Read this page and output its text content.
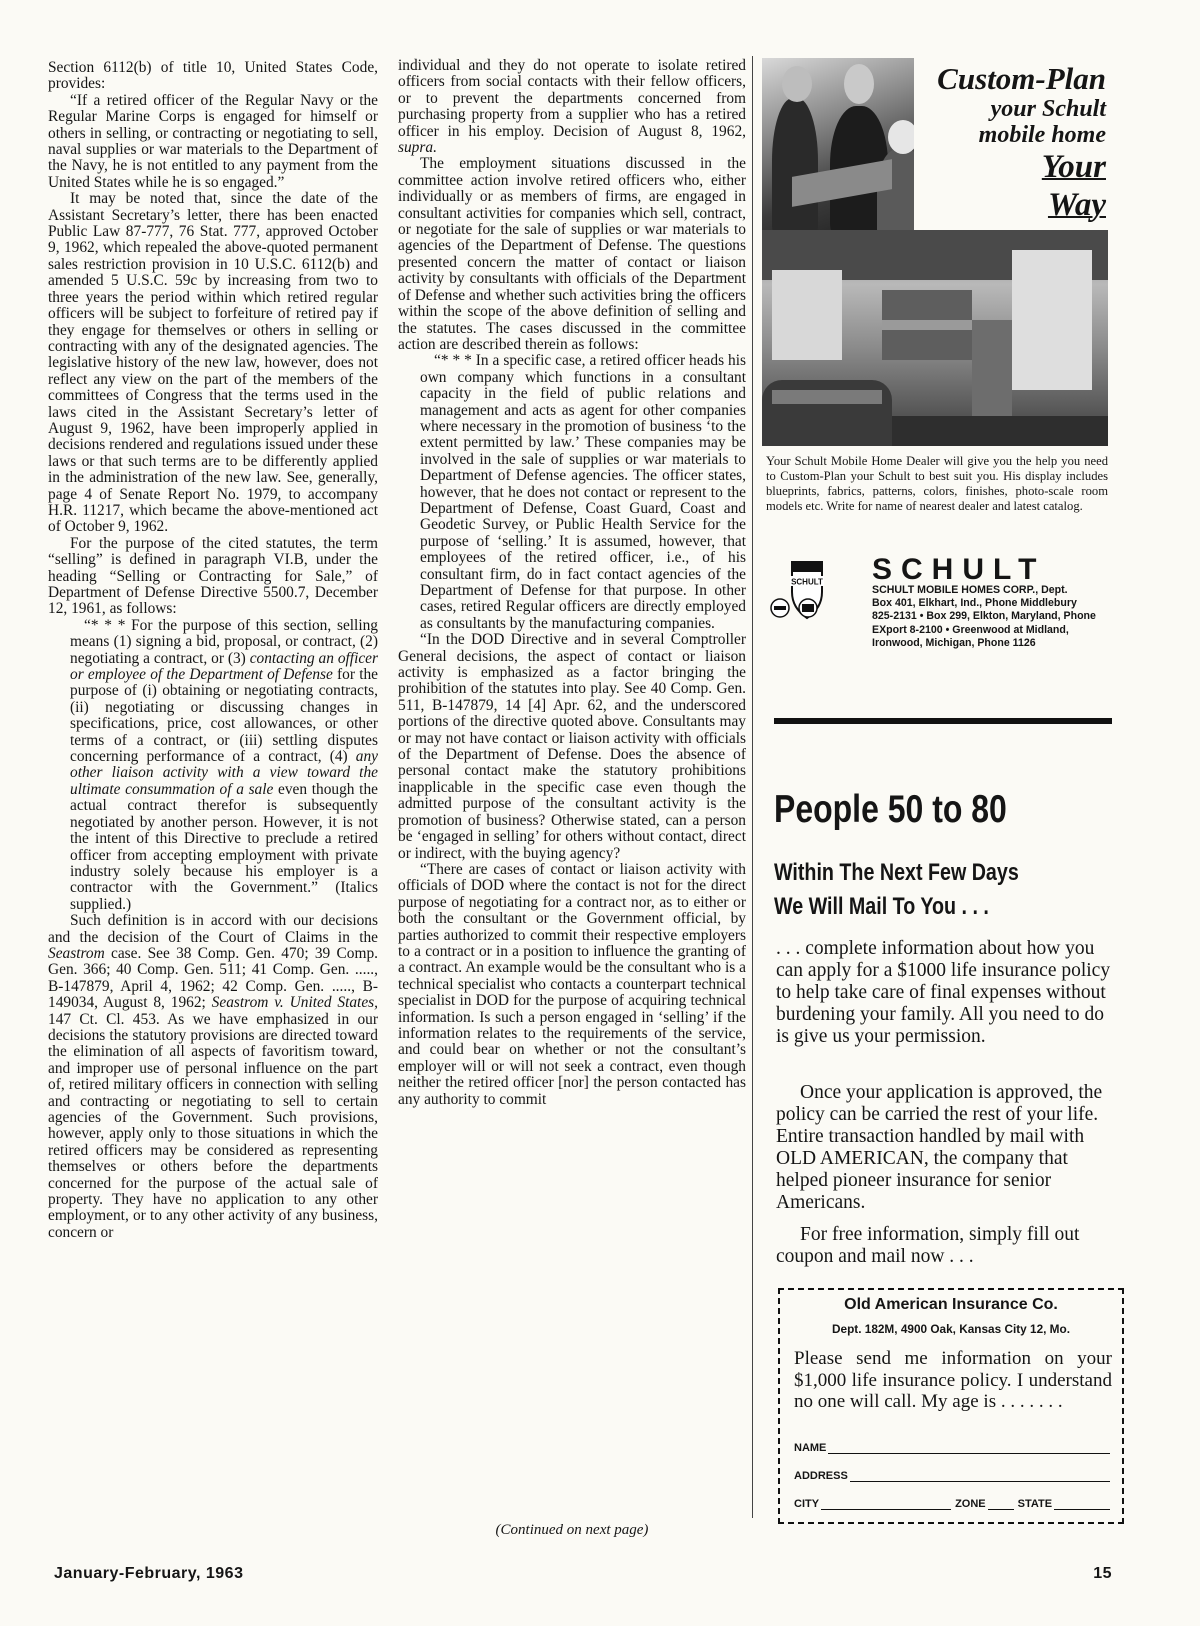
Section 6112(b) of title 10, United States Code, provides:

“If a retired officer of the Regular Navy or the Regular Marine Corps is engaged for himself or others in selling, or contracting or negotiating to sell, naval supplies or war materials to the Department of the Navy, he is not entitled to any payment from the United States while he is so engaged.”

It may be noted that, since the date of the Assistant Secretary’s letter, there has been enacted Public Law 87-777, 76 Stat. 777, approved October 9, 1962, which repealed the above-quoted permanent sales restriction provision in 10 U.S.C. 6112(b) and amended 5 U.S.C. 59c by increasing from two to three years the period within which retired regular officers will be subject to forfeiture of retired pay if they engage for themselves or others in selling or contracting with any of the designated agencies. The legislative history of the new law, however, does not reflect any view on the part of the members of the committees of Congress that the terms used in the laws cited in the Assistant Secretary’s letter of August 9, 1962, have been improperly applied in decisions rendered and regulations issued under these laws or that such terms are to be differently applied in the administration of the new law. See, generally, page 4 of Senate Report No. 1979, to accompany H.R. 11217, which became the above-mentioned act of October 9, 1962.

For the purpose of the cited statutes, the term “selling” is defined in paragraph VI.B, under the heading “Selling or Contracting for Sale,” of Department of Defense Directive 5500.7, December 12, 1961, as follows:

“* * * For the purpose of this section, selling means (1) signing a bid, proposal, or contract, (2) negotiating a contract, or (3) contacting an officer or employee of the Department of Defense for the purpose of (i) obtaining or negotiating contracts, (ii) negotiating or discussing changes in specifications, price, cost allowances, or other terms of a contract, or (iii) settling disputes concerning performance of a contract, (4) any other liaison activity with a view toward the ultimate consummation of a sale even though the actual contract therefor is subsequently negotiated by another person. However, it is not the intent of this Directive to preclude a retired officer from accepting employment with private industry solely because his employer is a contractor with the Government.” (Italics supplied.)

Such definition is in accord with our decisions and the decision of the Court of Claims in the Seastrom case. See 38 Comp. Gen. 470; 39 Comp. Gen. 366; 40 Comp. Gen. 511; 41 Comp. Gen. ....., B-147879, April 4, 1962; 42 Comp. Gen. ....., B-149034, August 8, 1962; Seastrom v. United States, 147 Ct. Cl. 453. As we have emphasized in our decisions the statutory provisions are directed toward the elimination of all aspects of favoritism toward, and improper use of personal influence on the part of, retired military officers in connection with selling and contracting or negotiating to sell to certain agencies of the Government. Such provisions, however, apply only to those situations in which the retired officers may be considered as representing themselves or others before the departments concerned for the purpose of the actual sale of property. They have no application to any other employment, or to any other activity of any business, concern or

individual and they do not operate to isolate retired officers from social contacts with their fellow officers, or to prevent the departments concerned from purchasing property from a supplier who has a retired officer in his employ. Decision of August 8, 1962, supra.

The employment situations discussed in the committee action involve retired officers who, either individually or as members of firms, are engaged in consultant activities for companies which sell, contract, or negotiate for the sale of supplies or war materials to agencies of the Department of Defense. The questions presented concern the matter of contact or liaison activity by consultants with officials of the Department of Defense and whether such activities bring the officers within the scope of the above definition of selling and the statutes. The cases discussed in the committee action are described therein as follows:

“* * * In a specific case, a retired officer heads his own company which functions in a consultant capacity in the field of public relations and management and acts as agent for other companies where necessary in the promotion of business ‘to the extent permitted by law.’ These companies may be involved in the sale of supplies or war materials to Department of Defense agencies. The officer states, however, that he does not contact or represent to the Department of Defense, Coast Guard, Coast and Geodetic Survey, or Public Health Service for the purpose of ‘selling.’ It is assumed, however, that employees of the retired officer, i.e., of his consultant firm, do in fact contact agencies of the Department of Defense for that purpose. In other cases, retired Regular officers are directly employed as consultants by the manufacturing companies.

“In the DOD Directive and in several Comptroller General decisions, the aspect of contact or liaison activity is emphasized as a factor bringing the prohibition of the statutes into play. See 40 Comp. Gen. 511, B-147879, 14 [4] Apr. 62, and the underscored portions of the directive quoted above. Consultants may or may not have contact or liaison activity with officials of the Department of Defense. Does the absence of personal contact make the statutory prohibitions inapplicable in the specific case even though the admitted purpose of the consultant activity is the promotion of business? Otherwise stated, can a person be ‘engaged in selling’ for others without contact, direct or indirect, with the buying agency?

“There are cases of contact or liaison activity with officials of DOD where the contact is not for the direct purpose of negotiating for a contract nor, as to either or both the consultant or the Government official, by parties authorized to commit their respective employers to a contract or in a position to influence the granting of a contract. An example would be the consultant who is a technical specialist who contacts a counterpart technical specialist in DOD for the purpose of acquiring technical information. Is such a person engaged in ‘selling’ if the information relates to the requirements of the service, and could bear on whether or not the consultant’s employer will or will not seek a contract, even though neither the retired officer [nor] the person contacted has any authority to commit

(Continued on next page)
Custom-Plan
your Schult
mobile home
Your
Way
Your Schult Mobile Home Dealer will give you the help you need to Custom-Plan your Schult to best suit you. His display includes blueprints, fabrics, patterns, colors, finishes, photo-scale room models etc. Write for name of nearest dealer and latest catalog.
SCHULT SCHULT
SCHULT MOBILE HOMES CORP., Dept.
Box 401, Elkhart, Ind., Phone Middlebury
825-2131 • Box 299, Elkton, Maryland, Phone
EXport 8-2100 • Greenwood at Midland,
Ironwood, Michigan, Phone 1126
People 50 to 80
Within The Next Few Days
We Will Mail To You . . .

. . . complete information about how you can apply for a $1000 life insurance policy to help take care of final expenses without burdening your family. All you need to do is give us your permission.

Once your application is approved, the policy can be carried the rest of your life. Entire transaction handled by mail with OLD AMERICAN, the company that helped pioneer insurance for senior Americans.

For free information, simply fill out coupon and mail now . . .

Old American Insurance Co.
Dept. 182M, 4900 Oak, Kansas City 12, Mo.
Please send me information on your $1,000 life insurance policy. I understand no one will call. My age is . . . . . . .
NAME
ADDRESS
CITY	ZONE	STATE
January-February, 1963	15
